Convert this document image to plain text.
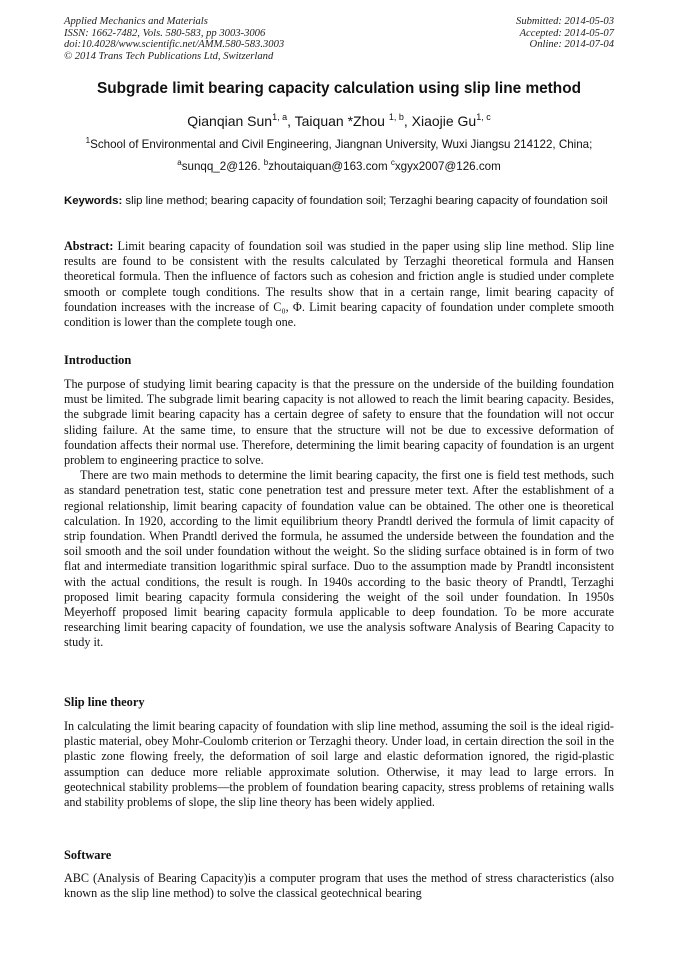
Applied Mechanics and Materials
ISSN: 1662-7482, Vols. 580-583, pp 3003-3006
doi:10.4028/www.scientific.net/AMM.580-583.3003
© 2014 Trans Tech Publications Ltd, Switzerland
Submitted: 2014-05-03
Accepted: 2014-05-07
Online: 2014-07-04
Subgrade limit bearing capacity calculation using slip line method
Qianqian Sun$^{1, a}$, Taiquan *Zhou $^{1, b}$, Xiaojie Gu$^{1, c}$
$^1$School of Environmental and Civil Engineering, Jiangnan University, Wuxi Jiangsu 214122, China;
$^a$sunqq_2@126. $^b$zhoutaiquan@163.com $^c$xgyx2007@126.com
Keywords: slip line method; bearing capacity of foundation soil; Terzaghi bearing capacity of foundation soil

Abstract: Limit bearing capacity of foundation soil was studied in the paper using slip line method. Slip line results are found to be consistent with the results calculated by Terzaghi theoretical formula and Hansen theoretical formula. Then the influence of factors such as cohesion and friction angle is studied under complete smooth or complete tough conditions. The results show that in a certain range, limit bearing capacity of foundation increases with the increase of C₀, Φ. Limit bearing capacity of foundation under complete smooth condition is lower than the complete tough one.

Introduction

The purpose of studying limit bearing capacity is that the pressure on the underside of the building foundation must be limited. The subgrade limit bearing capacity is not allowed to reach the limit bearing capacity. Besides, the subgrade limit bearing capacity has a certain degree of safety to ensure that the foundation will not occur sliding failure. At the same time, to ensure that the structure will not be due to excessive deformation of foundation affects their normal use. Therefore, determining the limit bearing capacity of foundation is an urgent problem to engineering practice to solve.

There are two main methods to determine the limit bearing capacity, the first one is field test methods, such as standard penetration test, static cone penetration test and pressure meter text. After the establishment of a regional relationship, limit bearing capacity of foundation value can be obtained. The other one is theoretical calculation. In 1920, according to the limit equilibrium theory Prandtl derived the formula of limit capacity of strip foundation. When Prandtl derived the formula, he assumed the underside between the foundation and the soil smooth and the soil under foundation without the weight. So the sliding surface obtained is in form of two flat and intermediate transition logarithmic spiral surface. Duo to the assumption made by Prandtl inconsistent with the actual conditions, the result is rough. In 1940s according to the basic theory of Prandtl, Terzaghi proposed limit bearing capacity formula considering the weight of the soil under foundation. In 1950s Meyerhoff proposed limit bearing capacity formula applicable to deep foundation. To be more accurate researching limit bearing capacity of foundation, we use the analysis software Analysis of Bearing Capacity to study it.

Slip line theory

In calculating the limit bearing capacity of foundation with slip line method, assuming the soil is the ideal rigid-plastic material, obey Mohr-Coulomb criterion or Terzaghi theory. Under load, in certain direction the soil in the plastic zone flowing freely, the deformation of soil large and elastic deformation ignored, the rigid-plastic assumption can deduce more reliable approximate solution. Otherwise, it may lead to large errors. In geotechnical stability problems—the problem of foundation bearing capacity, stress problems of retaining walls and stability problems of slope, the slip line theory has been widely applied.

Software

ABC (Analysis of Bearing Capacity)is a computer program that uses the method of stress characteristics (also known as the slip line method) to solve the classical geotechnical bearing
